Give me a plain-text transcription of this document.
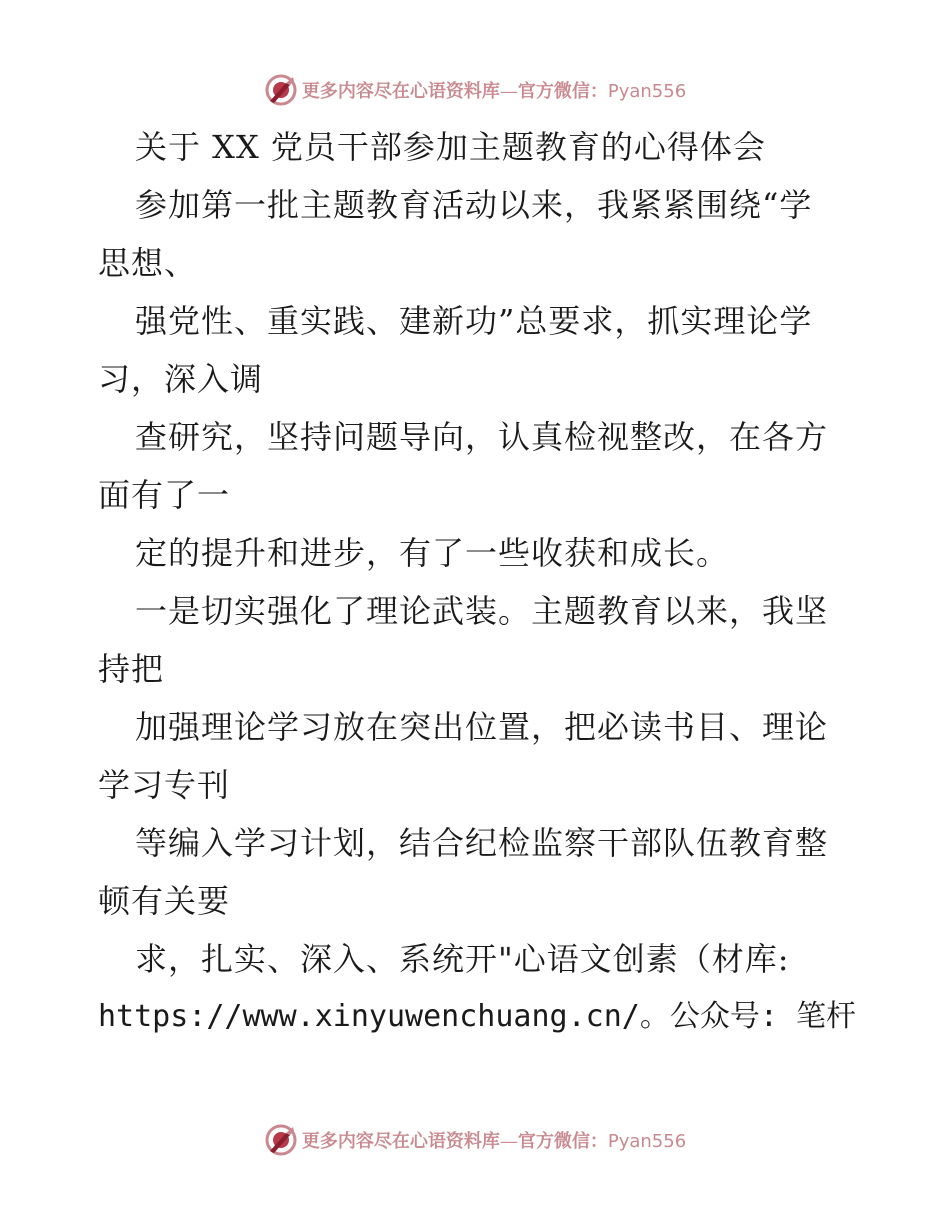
更多内容尽在心语资料库—官方微信：Pyan556
关于 XX 党员干部参加主题教育的心得体会
参加第一批主题教育活动以来，我紧紧围绕“学
思想、
强党性、重实践、建新功”总要求，抓实理论学
习，深入调
查研究，坚持问题导向，认真检视整改，在各方
面有了一
定的提升和进步，有了一些收获和成长。
一是切实强化了理论武装。主题教育以来，我坚
持把
加强理论学习放在突出位置，把必读书目、理论
学习专刊
等编入学习计划，结合纪检监察干部队伍教育整
顿有关要
求，扎实、深入、系统开"心语文创素（材库:
https://www.xinyuwenchuang.cn/。公众号: 笔杆
更多内容尽在心语资料库—官方微信：Pyan556
